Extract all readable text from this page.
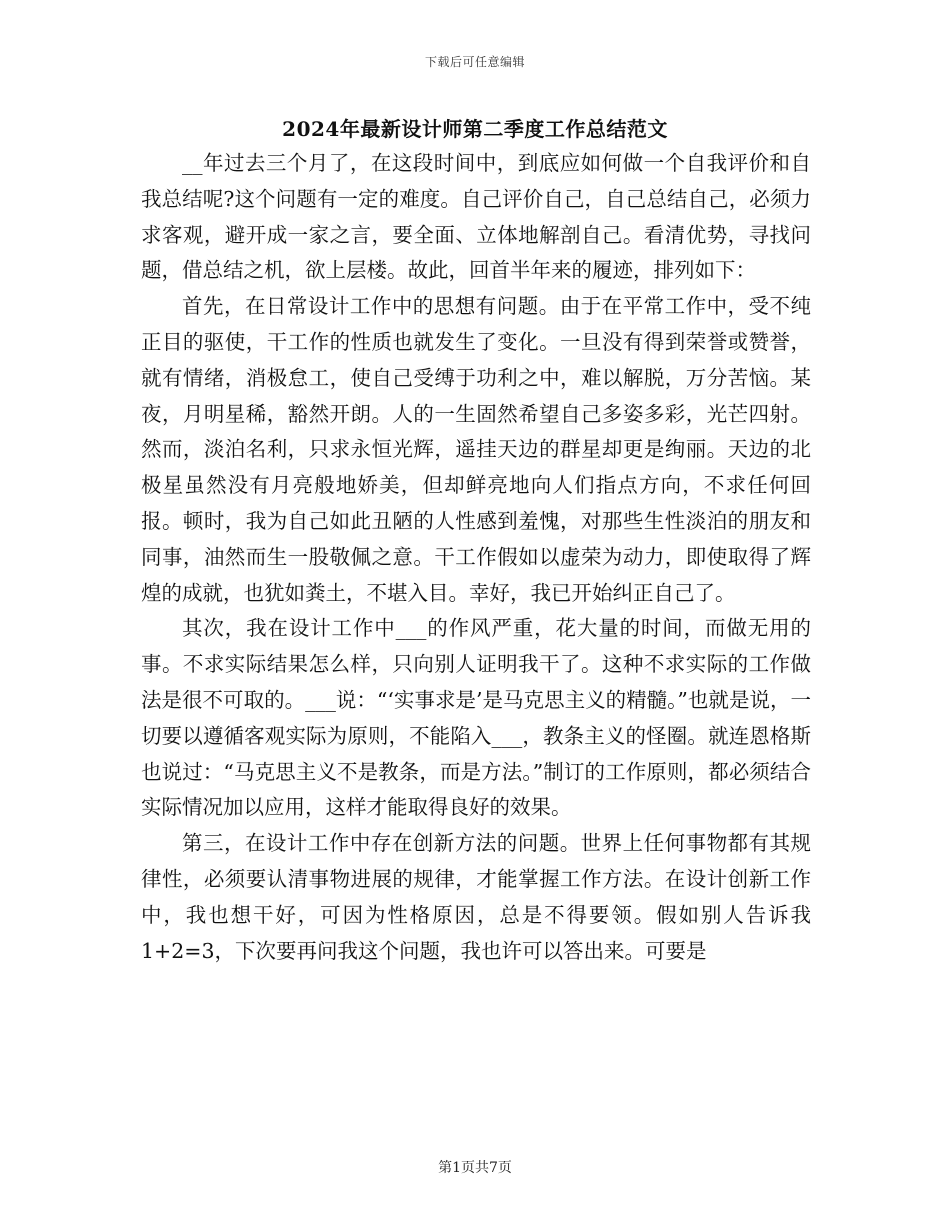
下载后可任意编辑
2024年最新设计师第二季度工作总结范文

__年过去三个月了，在这段时间中，到底应如何做一个自我评价和自我总结呢?这个问题有一定的难度。自己评价自己，自己总结自己，必须力求客观，避开成一家之言，要全面、立体地解剖自己。看清优势，寻找问题，借总结之机，欲上层楼。故此，回首半年来的履迹，排列如下：

首先，在日常设计工作中的思想有问题。由于在平常工作中，受不纯正目的驱使，干工作的性质也就发生了变化。一旦没有得到荣誉或赞誉，就有情绪，消极怠工，使自己受缚于功利之中，难以解脱，万分苦恼。某夜，月明星稀，豁然开朗。人的一生固然希望自己多姿多彩，光芒四射。然而，淡泊名利，只求永恒光辉，遥挂天边的群星却更是绚丽。天边的北极星虽然没有月亮般地娇美，但却鲜亮地向人们指点方向，不求任何回报。顿时，我为自己如此丑陋的人性感到羞愧，对那些生性淡泊的朋友和同事，油然而生一股敬佩之意。干工作假如以虚荣为动力，即使取得了辉煌的成就，也犹如粪土，不堪入目。幸好，我已开始纠正自己了。

其次，我在设计工作中___的作风严重，花大量的时间，而做无用的事。不求实际结果怎么样，只向别人证明我干了。这种不求实际的工作做法是很不可取的。___说：“‘实事求是’是马克思主义的精髓。”也就是说，一切要以遵循客观实际为原则，不能陷入___，教条主义的怪圈。就连恩格斯也说过：“马克思主义不是教条，而是方法。”制订的工作原则，都必须结合实际情况加以应用，这样才能取得良好的效果。

第三，在设计工作中存在创新方法的问题。世界上任何事物都有其规律性，必须要认清事物进展的规律，才能掌握工作方法。在设计创新工作中，我也想干好，可因为性格原因，总是不得要领。假如别人告诉我1+2=3，下次要再问我这个问题，我也许可以答出来。可要是

第1页共7页
